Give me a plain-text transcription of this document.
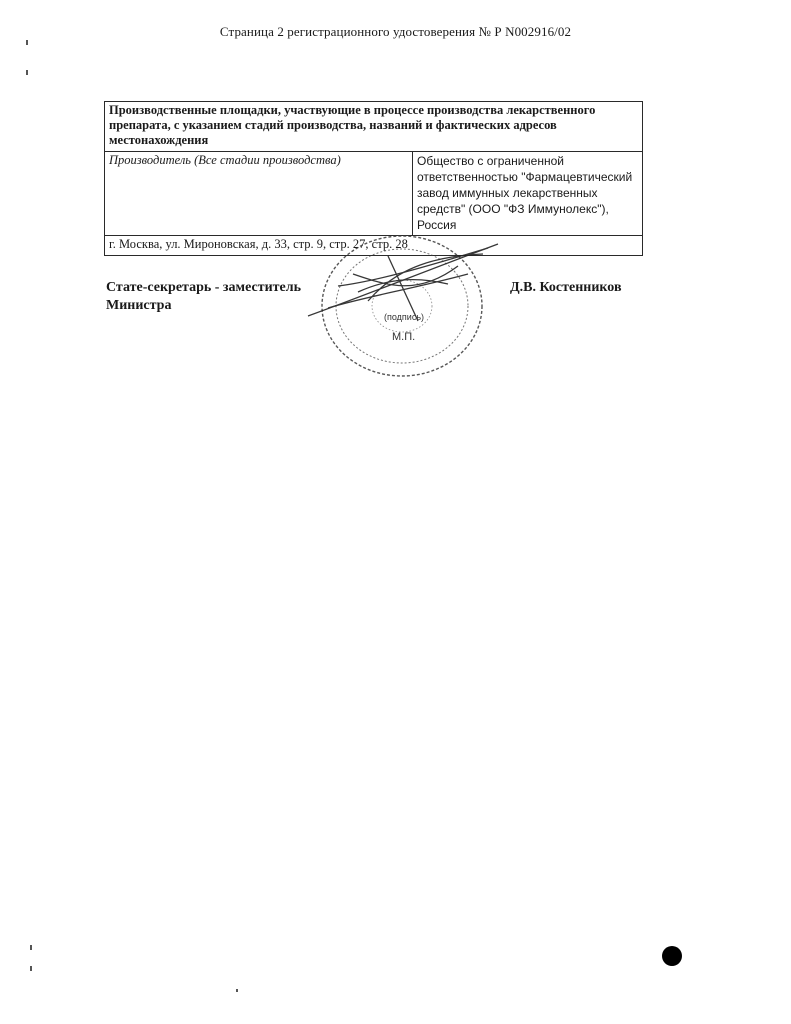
Страница 2 регистрационного удостоверения № Р N002916/02
Производственные площадки, участвующие в процессе производства лекарственного препарата, с указанием стадий производства, названий и фактических адресов местонахождения
Производитель (Все стадии производства)	Общество с ограниченной ответственностью "Фармацевтический завод иммунных лекарственных средств" (ООО "ФЗ Иммунолекс"), Россия
г. Москва, ул. Мироновская, д. 33, стр. 9, стр. 27, стр. 28
Стате-секретарь - заместитель
Министра
Д.В. Костенников
(подпись)
М.П.
